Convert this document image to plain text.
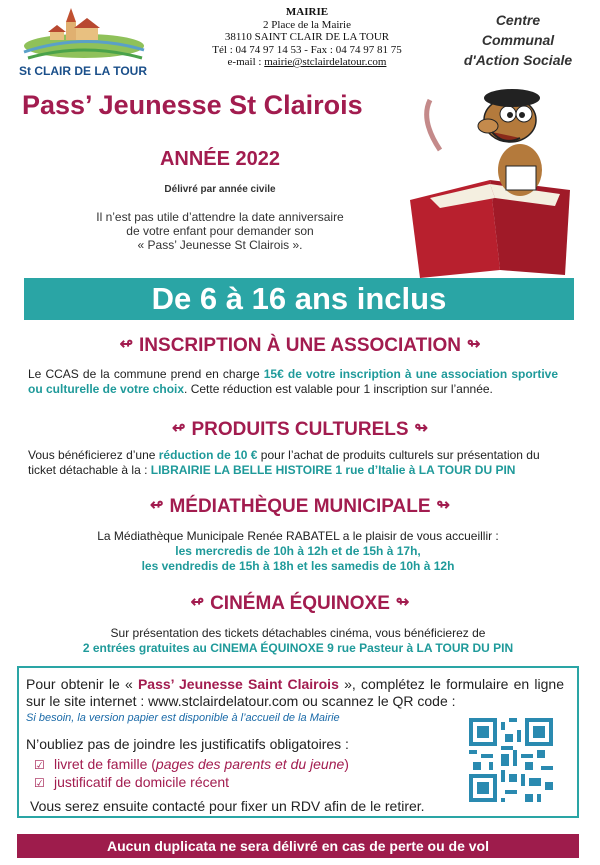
St CLAIR DE LA TOUR
MAIRIE
2 Place de la Mairie
38110 SAINT CLAIR DE LA TOUR
Tél : 04 74 97 14 53 - Fax : 04 74 97 81 75
e-mail : mairie@stclairdelatour.com
Centre
Communal
d'Action Sociale
Pass’ Jeunesse St Clairois
ANNÉE 2022
Délivré par année civile
Il n’est pas utile d’attendre la date anniversaire
de votre enfant pour demander son
« Pass’ Jeunesse St Clairois ».
De 6 à 16 ans inclus
↫ INSCRIPTION À UNE ASSOCIATION ↬
Le CCAS de la commune prend en charge 15€ de votre inscription à une association sportive ou culturelle de votre choix. Cette réduction est valable pour 1 inscription sur l’année.
↫ PRODUITS CULTURELS ↬
Vous bénéficierez d’une réduction de 10 € pour l’achat de produits culturels sur présentation du ticket détachable à la : LIBRAIRIE LA BELLE HISTOIRE 1 rue d’Italie à LA TOUR DU PIN
↫ MÉDIATHÈQUE MUNICIPALE ↬
La Médiathèque Municipale Renée RABATEL a le plaisir de vous accueillir :
les mercredis de 10h à 12h et de 15h à 17h,
les vendredis de 15h à 18h et les samedis de 10h à 12h
↫ CINÉMA ÉQUINOXE ↬
Sur présentation des tickets détachables cinéma, vous bénéficierez de
2 entrées gratuites au CINEMA ÉQUINOXE 9 rue Pasteur à LA TOUR DU PIN
Pour obtenir le « Pass’ Jeunesse Saint Clairois », complétez le formulaire en ligne sur le site internet : www.stclairdelatour.com ou scannez le QR code :
Si besoin, la version papier est disponible à l’accueil de la Mairie
N’oubliez pas de joindre les justificatifs obligatoires :
☑ livret de famille (pages des parents et du jeune)
☑ justificatif de domicile récent
Vous serez ensuite contacté pour fixer un RDV afin de le retirer.
Aucun duplicata ne sera délivré en cas de perte ou de vol
